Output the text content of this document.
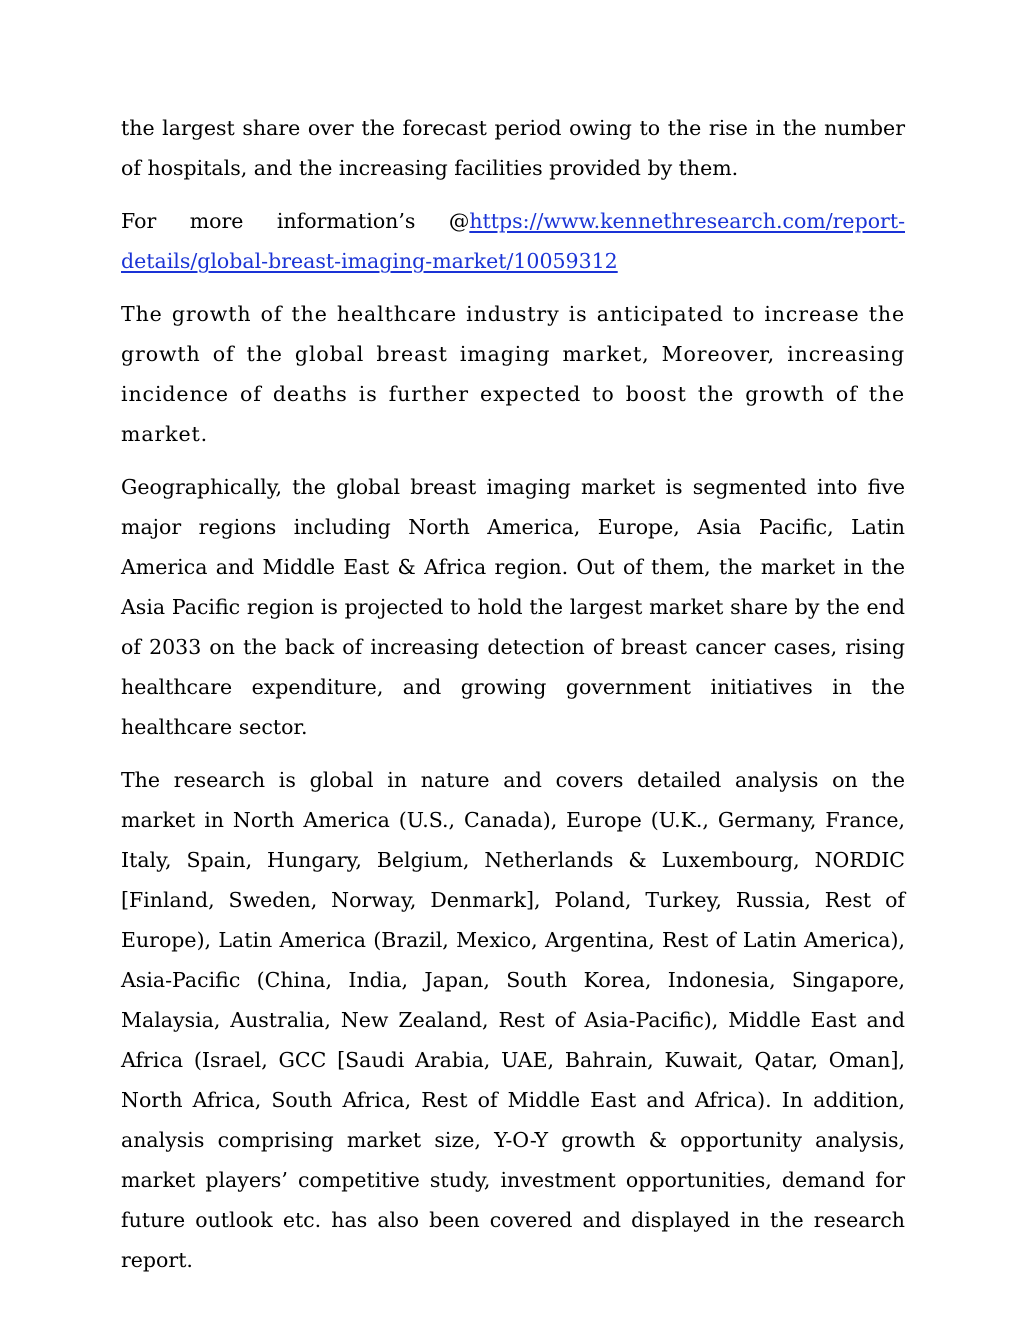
the largest share over the forecast period owing to the rise in the number of hospitals, and the increasing facilities provided by them.

For more information’s @https://www.kennethresearch.com/report-details/global-breast-imaging-market/10059312

The growth of the healthcare industry is anticipated to increase the growth of the global breast imaging market, Moreover, increasing incidence of deaths is further expected to boost the growth of the market.

Geographically, the global breast imaging market is segmented into five major regions including North America, Europe, Asia Pacific, Latin America and Middle East & Africa region. Out of them, the market in the Asia Pacific region is projected to hold the largest market share by the end of 2033 on the back of increasing detection of breast cancer cases, rising healthcare expenditure, and growing government initiatives in the healthcare sector.

The research is global in nature and covers detailed analysis on the market in North America (U.S., Canada), Europe (U.K., Germany, France, Italy, Spain, Hungary, Belgium, Netherlands & Luxembourg, NORDIC [Finland, Sweden, Norway, Denmark], Poland, Turkey, Russia, Rest of Europe), Latin America (Brazil, Mexico, Argentina, Rest of Latin America), Asia-Pacific (China, India, Japan, South Korea, Indonesia, Singapore, Malaysia, Australia, New Zealand, Rest of Asia-Pacific), Middle East and Africa (Israel, GCC [Saudi Arabia, UAE, Bahrain, Kuwait, Qatar, Oman], North Africa, South Africa, Rest of Middle East and Africa). In addition, analysis comprising market size, Y-O-Y growth & opportunity analysis, market players’ competitive study, investment opportunities, demand for future outlook etc. has also been covered and displayed in the research report.
